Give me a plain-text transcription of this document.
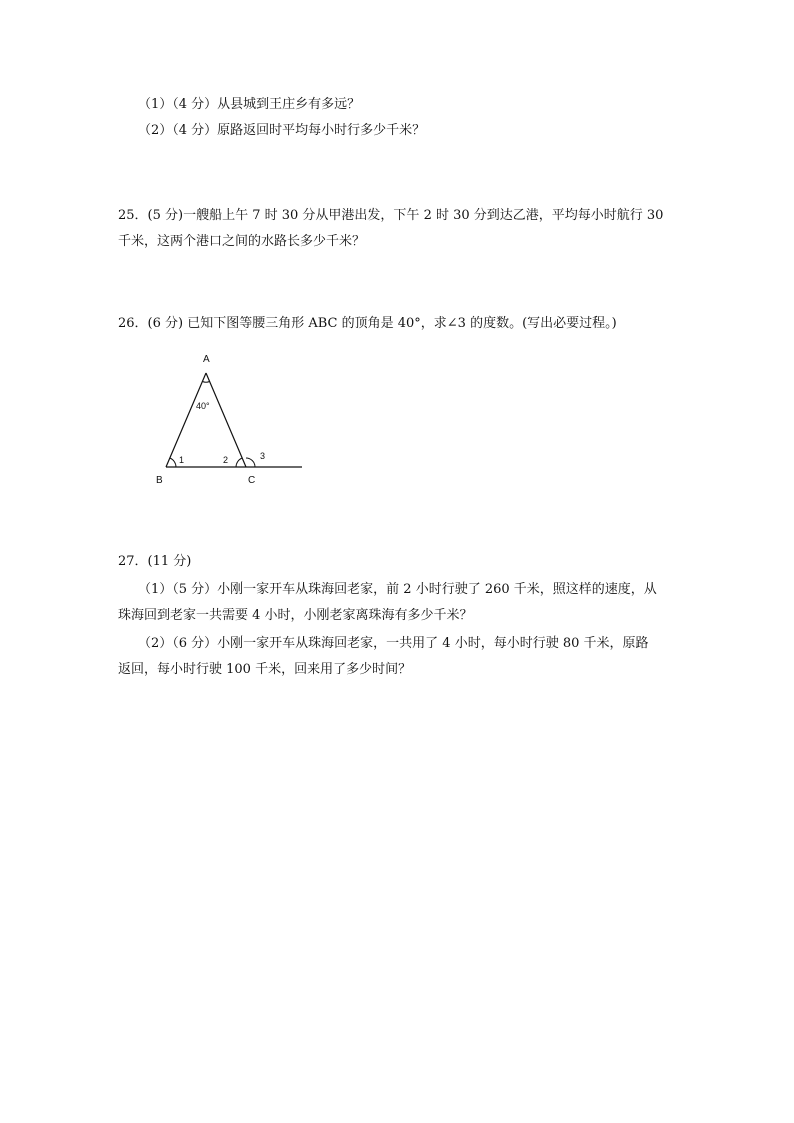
（1）（4 分）从县城到王庄乡有多远？
（2）（4 分）原路返回时平均每小时行多少千米？
25．(5 分)一艘船上午 7 时 30 分从甲港出发，下午 2 时 30 分到达乙港，平均每小时航行 30
千米，这两个港口之间的水路长多少千米？
26．(6 分) 已知下图等腰三角形 ABC 的顶角是 40°，求∠3 的度数。(写出必要过程。)
A
B	C
40°
1	2	3
27．(11 分)
（1）（5 分）小刚一家开车从珠海回老家，前 2 小时行驶了 260 千米，照这样的速度，从
珠海回到老家一共需要 4 小时，小刚老家离珠海有多少千米？
（2）（6 分）小刚一家开车从珠海回老家，一共用了 4 小时，每小时行驶 80 千米，原路
返回，每小时行驶 100 千米，回来用了多少时间？
